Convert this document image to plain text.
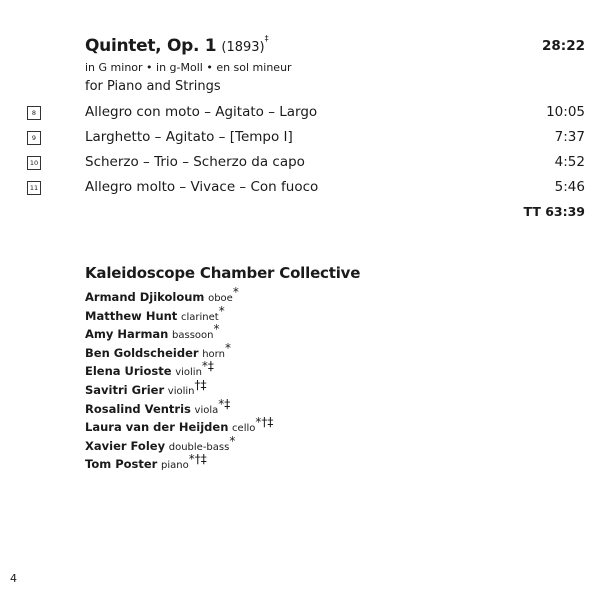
Quintet, Op. 1 (1893)‡	28:22
in G minor • in g-Moll • en sol mineur
for Piano and Strings
8	Allegro con moto – Agitato – Largo	10:05
9	Larghetto – Agitato – [Tempo I]	7:37
10	Scherzo – Trio – Scherzo da capo	4:52
11	Allegro molto – Vivace – Con fuoco	5:46
TT 63:39
Kaleidoscope Chamber Collective
Armand Djikoloum oboe*
Matthew Hunt clarinet*
Amy Harman bassoon*
Ben Goldscheider horn*
Elena Urioste violin*‡
Savitri Grier violin†‡
Rosalind Ventris viola*‡
Laura van der Heijden cello*†‡
Xavier Foley double-bass*
Tom Poster piano*†‡
4
